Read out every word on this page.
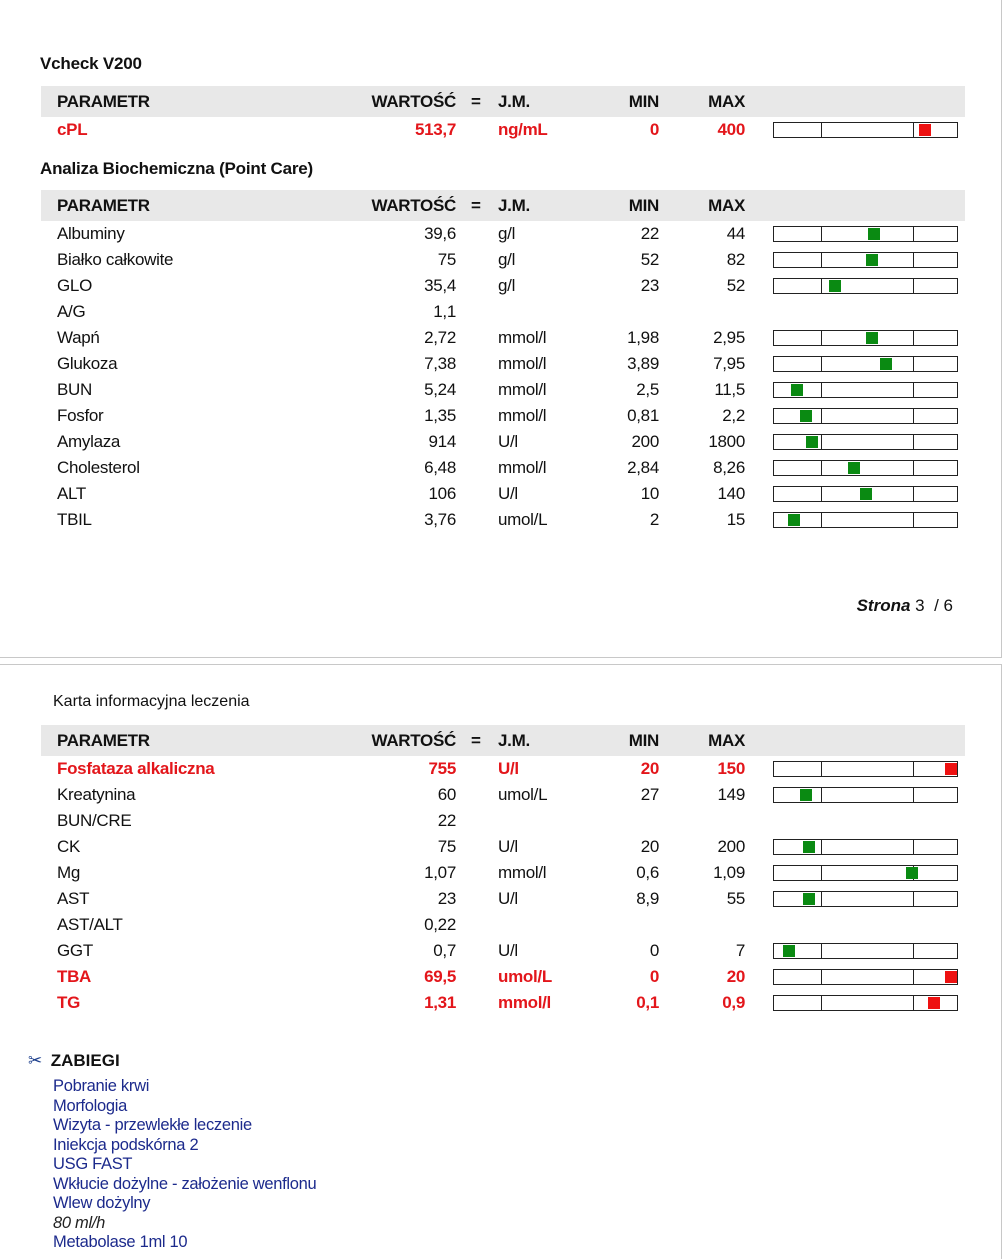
Vcheck V200
PARAMETR	WARTOŚĆ = J.M.	MIN	MAX
cPL	513,7 ng/mL	0	400
Analiza Biochemiczna (Point Care)
PARAMETR	WARTOŚĆ = J.M.	MIN	MAX
Albuminy	39,6 g/l	22	44
Białko całkowite	75 g/l	52	82
GLO	35,4 g/l	23	52
A/G	1,1
Wapń	2,72 mmol/l	1,98	2,95
Glukoza	7,38 mmol/l	3,89	7,95
BUN	5,24 mmol/l	2,5	11,5
Fosfor	1,35 mmol/l	0,81	2,2
Amylaza	914 U/l	200	1800
Cholesterol	6,48 mmol/l	2,84	8,26
ALT	106 U/l	10	140
TBIL	3,76 umol/L	2	15
Strona 3 / 6
Karta informacyjna leczenia
PARAMETR	WARTOŚĆ = J.M.	MIN	MAX
Fosfataza alkaliczna	755 U/l	20	150
Kreatynina	60 umol/L	27	149
BUN/CRE	22
CK	75 U/l	20	200
Mg	1,07 mmol/l	0,6	1,09
AST	23 U/l	8,9	55
AST/ALT	0,22
GGT	0,7 U/l	0	7
TBA	69,5 umol/L	0	20
TG	1,31 mmol/l	0,1	0,9
✂ ZABIEGI
Pobranie krwi
Morfologia
Wizyta - przewlekłe leczenie
Iniekcja podskórna 2
USG FAST
Wkłucie dożylne - założenie wenflonu
Wlew dożylny
80 ml/h
Metabolase 1ml 10
